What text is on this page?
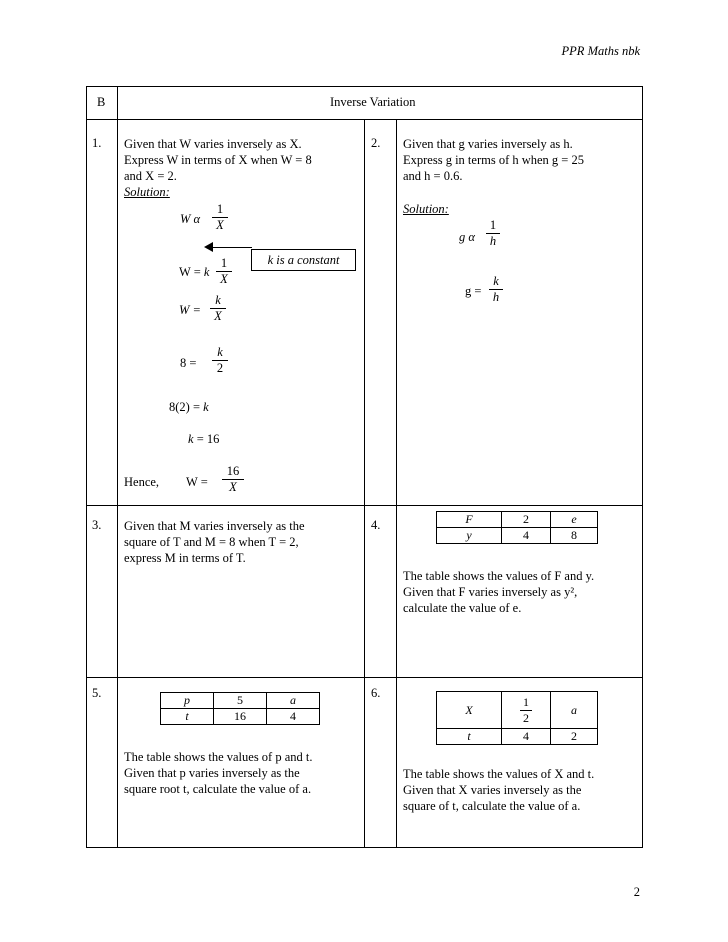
PPR Maths nbk
B	Inverse Variation
1. Given that W varies inversely as X.
Express W in terms of X when W = 8
and X = 2.
Solution:
W α $\frac{1}{X}$
W = k $\frac{1}{X}$	k is a constant
$W = \frac{k}{X}$
$8 = \frac{k}{2}$
8(2) = k
k = 16
Hence, $W = \frac{16}{X}$
2. Given that g varies inversely as h.
Express g in terms of h when g = 25
and h = 0.6.
Solution:
g α $\frac{1}{h}$
$g = \frac{k}{h}$
3. Given that M varies inversely as the
square of T and M = 8 when T = 2,
express M in terms of T.
4.	F	2	e
y	4	8
The table shows the values of F and y.
Given that F varies inversely as y²,
calculate the value of e.
5.	p	5	a
t	16	4
The table shows the values of p and t.
Given that p varies inversely as the
square root t, calculate the value of a.
6.
X	$\frac{1}{2}$	a
t	4	2
The table shows the values of X and t.
Given that X varies inversely as the
square of t, calculate the value of a.
2
